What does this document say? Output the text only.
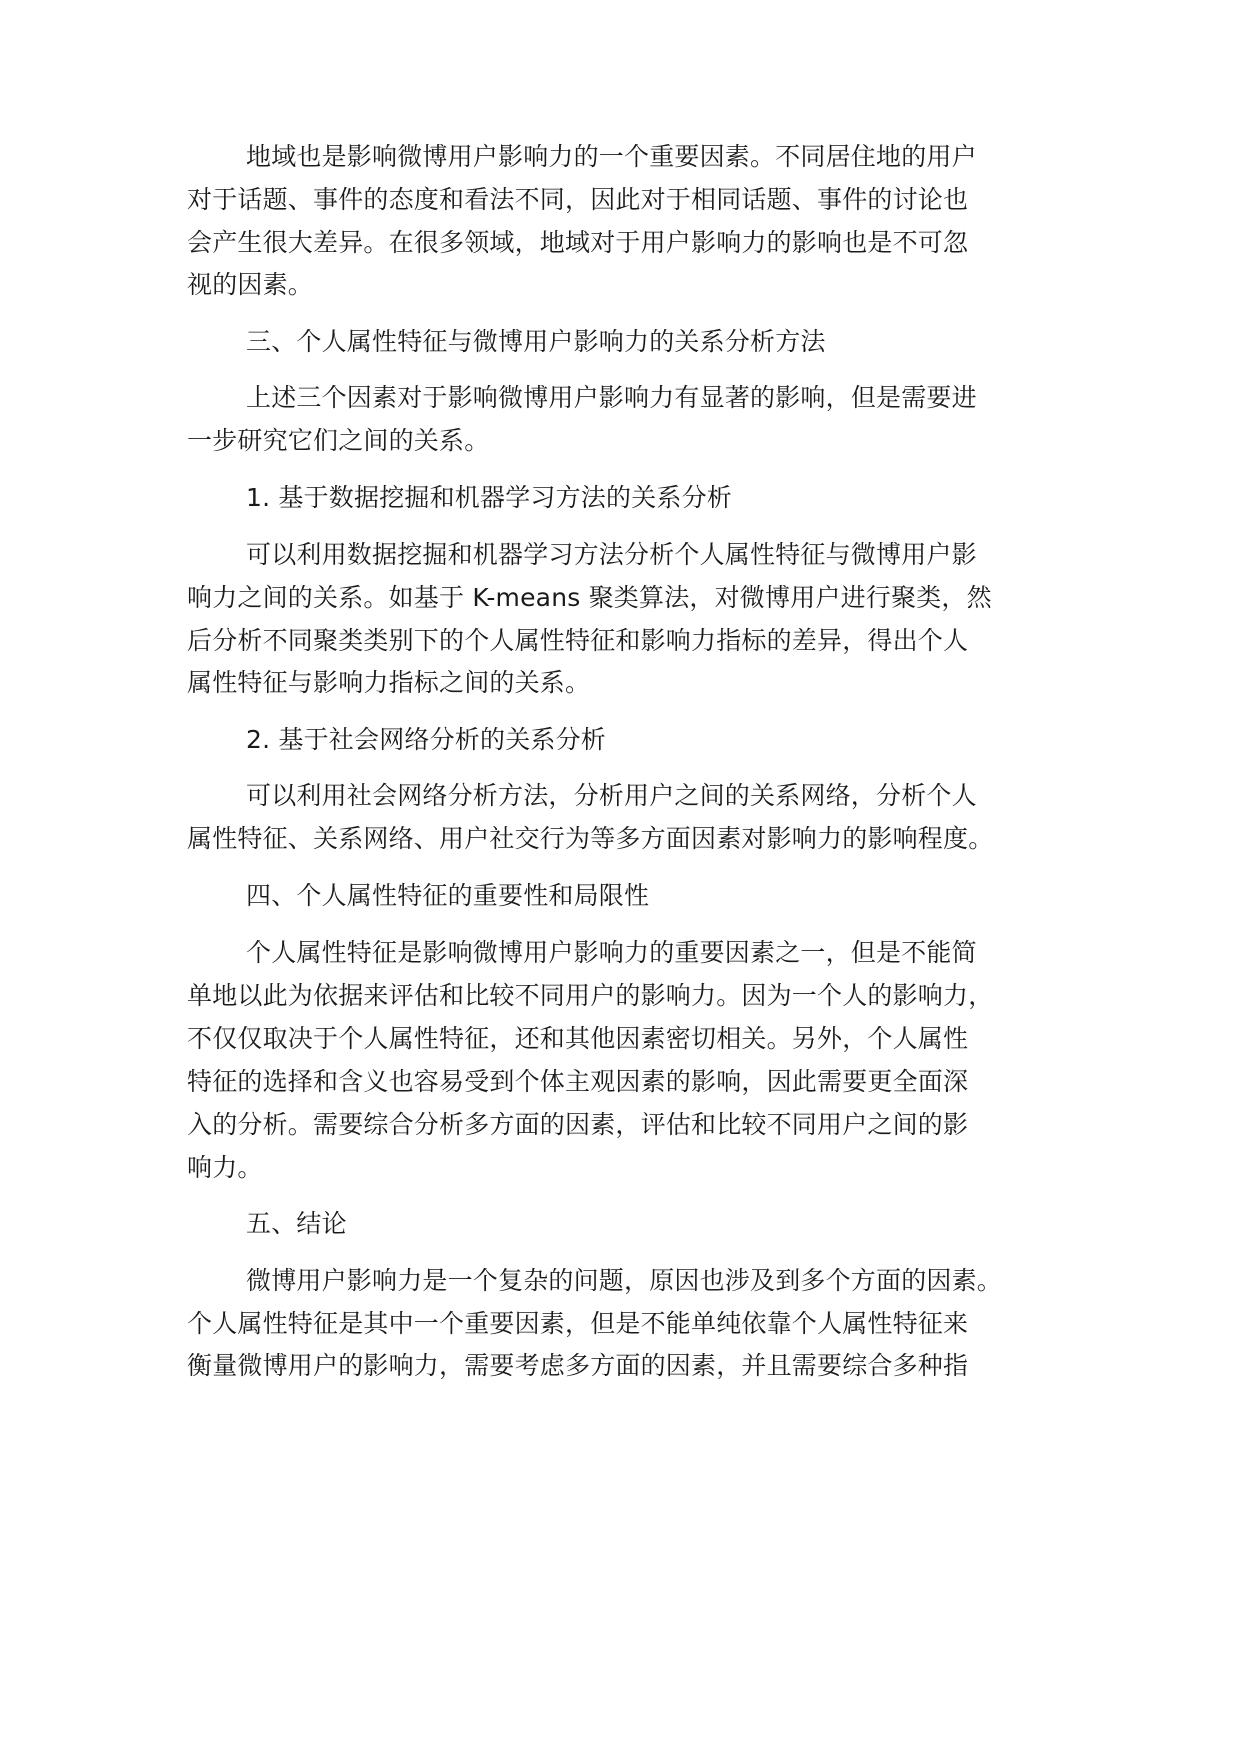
地域也是影响微博用户影响力的一个重要因素。不同居住地的用户
对于话题、事件的态度和看法不同，因此对于相同话题、事件的讨论也
会产生很大差异。在很多领域，地域对于用户影响力的影响也是不可忽
视的因素。
三、个人属性特征与微博用户影响力的关系分析方法
上述三个因素对于影响微博用户影响力有显著的影响，但是需要进
一步研究它们之间的关系。
1. 基于数据挖掘和机器学习方法的关系分析
可以利用数据挖掘和机器学习方法分析个人属性特征与微博用户影
响力之间的关系。如基于 K-means 聚类算法，对微博用户进行聚类，然
后分析不同聚类类别下的个人属性特征和影响力指标的差异，得出个人
属性特征与影响力指标之间的关系。
2. 基于社会网络分析的关系分析
可以利用社会网络分析方法，分析用户之间的关系网络，分析个人
属性特征、关系网络、用户社交行为等多方面因素对影响力的影响程度。
四、个人属性特征的重要性和局限性
个人属性特征是影响微博用户影响力的重要因素之一，但是不能简
单地以此为依据来评估和比较不同用户的影响力。因为一个人的影响力，
不仅仅取决于个人属性特征，还和其他因素密切相关。另外，个人属性
特征的选择和含义也容易受到个体主观因素的影响，因此需要更全面深
入的分析。需要综合分析多方面的因素，评估和比较不同用户之间的影
响力。
五、结论
微博用户影响力是一个复杂的问题，原因也涉及到多个方面的因素。
个人属性特征是其中一个重要因素，但是不能单纯依靠个人属性特征来
衡量微博用户的影响力，需要考虑多方面的因素，并且需要综合多种指
